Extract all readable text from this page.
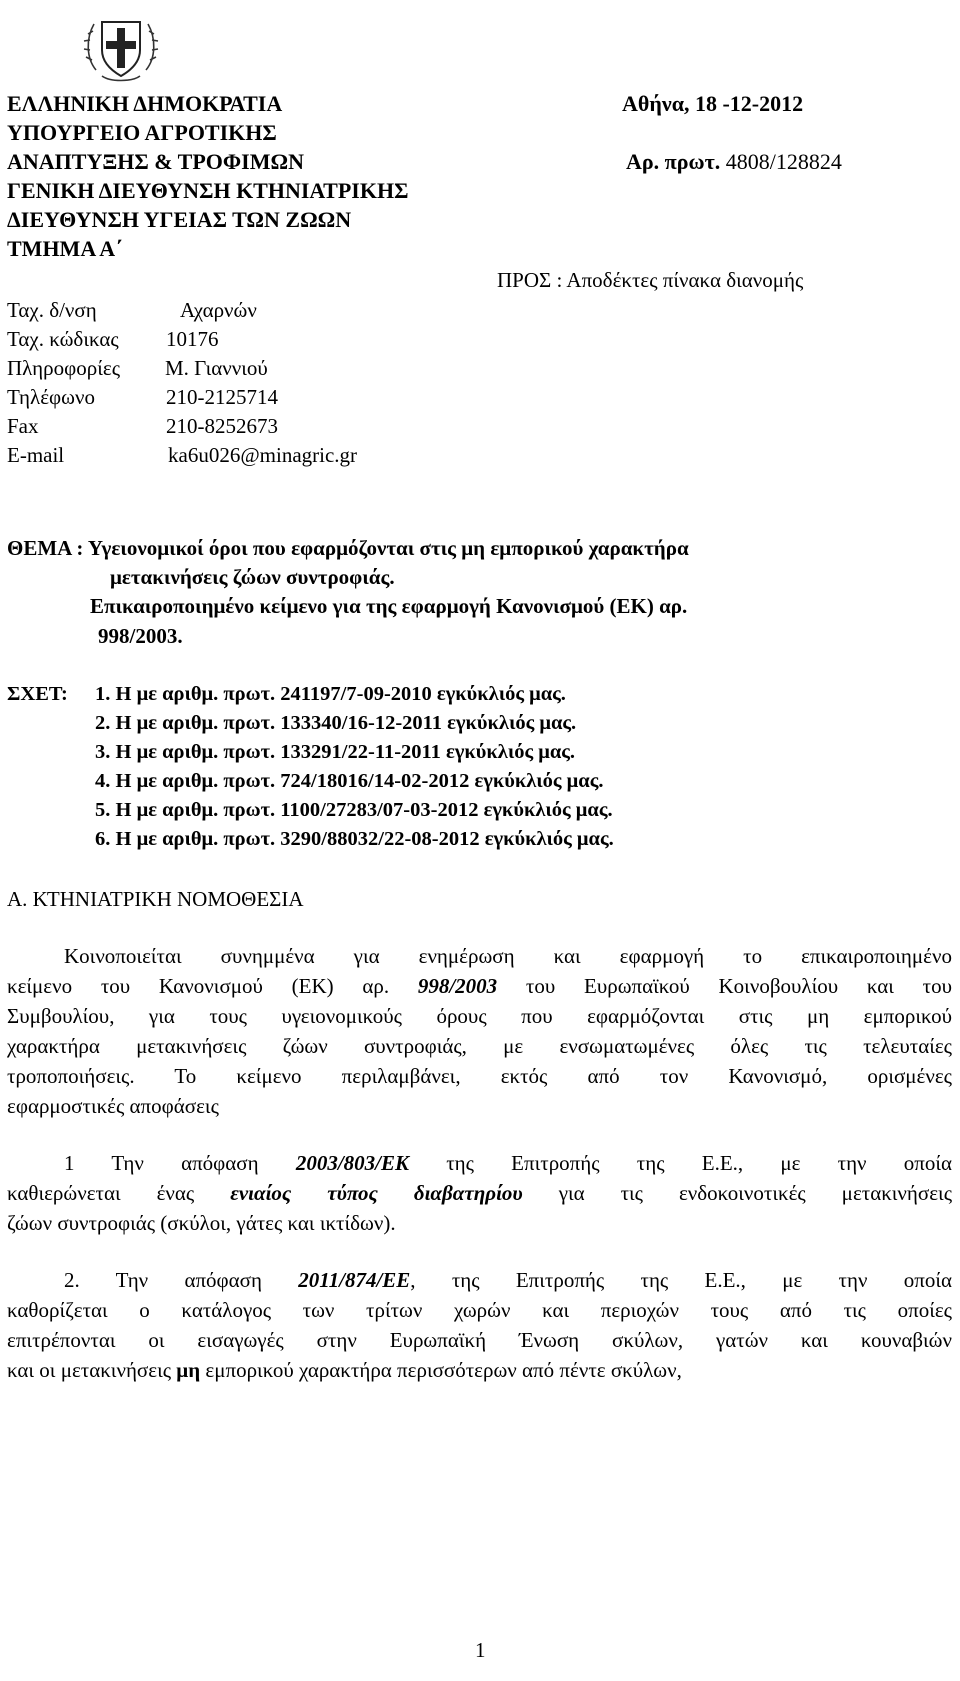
ΕΛΛΗΝΙΚΗ ΔΗΜΟΚΡΑΤΙΑ
ΥΠΟΥΡΓΕΙΟ ΑΓΡΟΤΙΚΗΣ
ΑΝΑΠΤΥΞΗΣ & ΤΡΟΦΙΜΩΝ
ΓΕΝΙΚΗ ΔΙΕΥΘΥΝΣΗ ΚΤΗΝΙΑΤΡΙΚΗΣ
ΔΙΕΥΘΥΝΣΗ ΥΓΕΙΑΣ ΤΩΝ ΖΩΩΝ
ΤΜΗΜΑ Α΄
Αθήνα, 18 -12-2012
Αρ. πρωτ. 4808/128824
ΠΡΟΣ : Αποδέκτες πίνακα διανομής
Ταχ. δ/νση	Αχαρνών
Ταχ. κώδικας 10176
Πληροφορίες Μ. Γιαννιού
Τηλέφωνο	210-2125714
Fax	210-8252673
E-mail	ka6u026@minagric.gr
ΘΕΜΑ : Υγειονομικοί όροι που εφαρμόζονται στις μη εμπορικού χαρακτήρα
μετακινήσεις ζώων συντροφιάς.
Επικαιροποιημένο κείμενο για της εφαρμογή Κανονισμού (ΕΚ) αρ.
998/2003.
ΣΧΕΤ: 1. Η με αριθμ. πρωτ. 241197/7-09-2010 εγκύκλιός μας.
2. Η με αριθμ. πρωτ. 133340/16-12-2011 εγκύκλιός μας.
3. Η με αριθμ. πρωτ. 133291/22-11-2011 εγκύκλιός μας.
4. Η με αριθμ. πρωτ. 724/18016/14-02-2012 εγκύκλιός μας.
5. Η με αριθμ. πρωτ. 1100/27283/07-03-2012 εγκύκλιός μας.
6. Η με αριθμ. πρωτ. 3290/88032/22-08-2012 εγκύκλιός μας.
Α. ΚΤΗΝΙΑΤΡΙΚΗ ΝΟΜΟΘΕΣΙΑ
Κοινοποιείται συνημμένα για ενημέρωση και εφαρμογή το επικαιροποιημένο
κείμενο του Κανονισμού (ΕΚ) αρ. 998/2003 του Ευρωπαϊκού Κοινοβουλίου και του
Συμβουλίου, για τους υγειονομικούς όρους που εφαρμόζονται στις μη εμπορικού
χαρακτήρα μετακινήσεις ζώων συντροφιάς, με ενσωματωμένες όλες τις τελευταίες
τροποποιήσεις. Το κείμενο περιλαμβάνει, εκτός από τον Κανονισμό, ορισμένες
εφαρμοστικές αποφάσεις
1 Την απόφαση 2003/803/ΕΚ της Επιτροπής της Ε.Ε., με την οποία
καθιερώνεται ένας ενιαίος τύπος διαβατηρίου για τις ενδοκοινοτικές μετακινήσεις
ζώων συντροφιάς (σκύλοι, γάτες και ικτίδων).
2. Την απόφαση 2011/874/ΕΕ, της Επιτροπής της Ε.Ε., με την οποία
καθορίζεται ο κατάλογος των τρίτων χωρών και περιοχών τους από τις οποίες
επιτρέπονται οι εισαγωγές στην Ευρωπαϊκή Ένωση σκύλων, γατών και κουναβιών
και οι μετακινήσεις μη εμπορικού χαρακτήρα περισσότερων από πέντε σκύλων,
1
